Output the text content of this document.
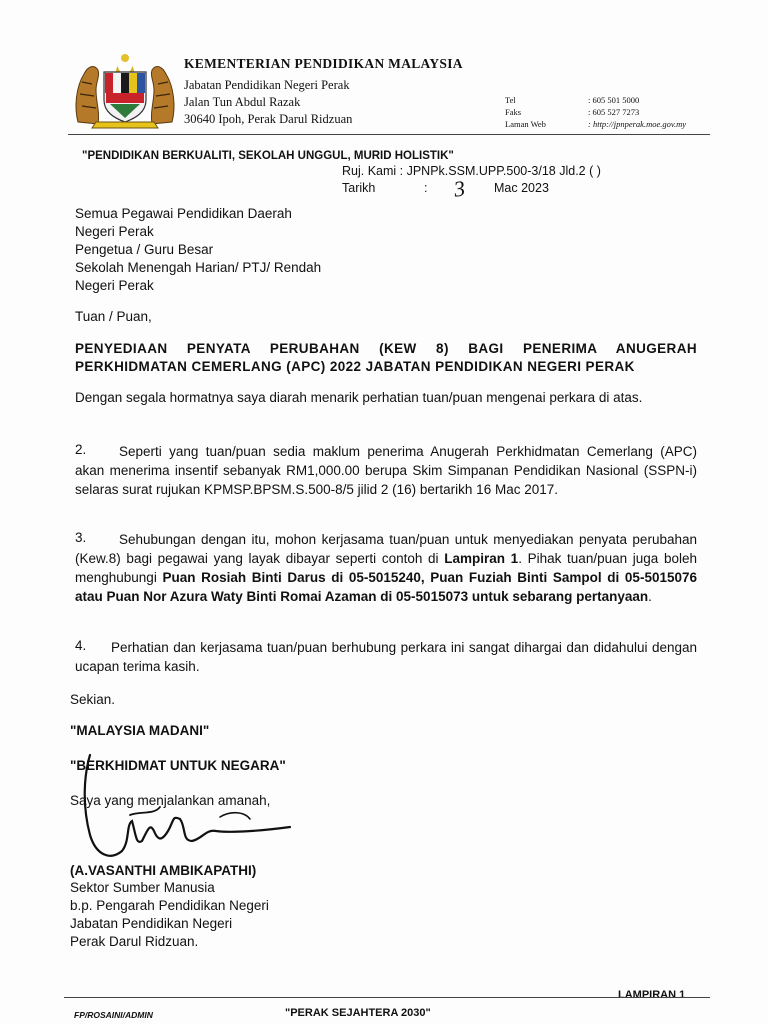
KEMENTERIAN PENDIDIKAN MALAYSIA
Jabatan Pendidikan Negeri Perak
Jalan Tun Abdul Razak
30640 Ipoh, Perak Darul Ridzuan
Tel	: 605 501 5000
Faks	: 605 527 7273
Laman Web	: http://jpnperak.moe.gov.my
"PENDIDIKAN BERKUALITI, SEKOLAH UNGGUL, MURID HOLISTIK"
Ruj. Kami : JPNPk.SSM.UPP.500-3/18 Jld.2 ( )
Tarikh	: 3 Mac 2023
Semua Pegawai Pendidikan Daerah
Negeri Perak
Pengetua / Guru Besar
Sekolah Menengah Harian/ PTJ/ Rendah
Negeri Perak
Tuan / Puan,
PENYEDIAAN PENYATA PERUBAHAN (KEW 8) BAGI PENERIMA ANUGERAH PERKHIDMATAN CEMERLANG (APC) 2022 JABATAN PENDIDIKAN NEGERI PERAK
Dengan segala hormatnya saya diarah menarik perhatian tuan/puan mengenai perkara di atas.
2.	Seperti yang tuan/puan sedia maklum penerima Anugerah Perkhidmatan Cemerlang (APC) akan menerima insentif sebanyak RM1,000.00 berupa Skim Simpanan Pendidikan Nasional (SSPN-i) selaras surat rujukan KPMSP.BPSM.S.500-8/5 jilid 2 (16) bertarikh 16 Mac 2017.
3.	Sehubungan dengan itu, mohon kerjasama tuan/puan untuk menyediakan penyata perubahan (Kew.8) bagi pegawai yang layak dibayar seperti contoh di Lampiran 1. Pihak tuan/puan juga boleh menghubungi Puan Rosiah Binti Darus di 05-5015240, Puan Fuziah Binti Sampol di 05-5015076 atau Puan Nor Azura Waty Binti Romai Azaman di 05-5015073 untuk sebarang pertanyaan.
4.	Perhatian dan kerjasama tuan/puan berhubung perkara ini sangat dihargai dan didahului dengan ucapan terima kasih.
Sekian.
"MALAYSIA MADANI"
"BERKHIDMAT UNTUK NEGARA"
Saya yang menjalankan amanah,
(A.VASANTHI AMBIKAPATHI)
Sektor Sumber Manusia
b.p. Pengarah Pendidikan Negeri
Jabatan Pendidikan Negeri
Perak Darul Ridzuan.
LAMPIRAN 1
FP/ROSAINI/ADMIN	"PERAK SEJAHTERA 2030"
